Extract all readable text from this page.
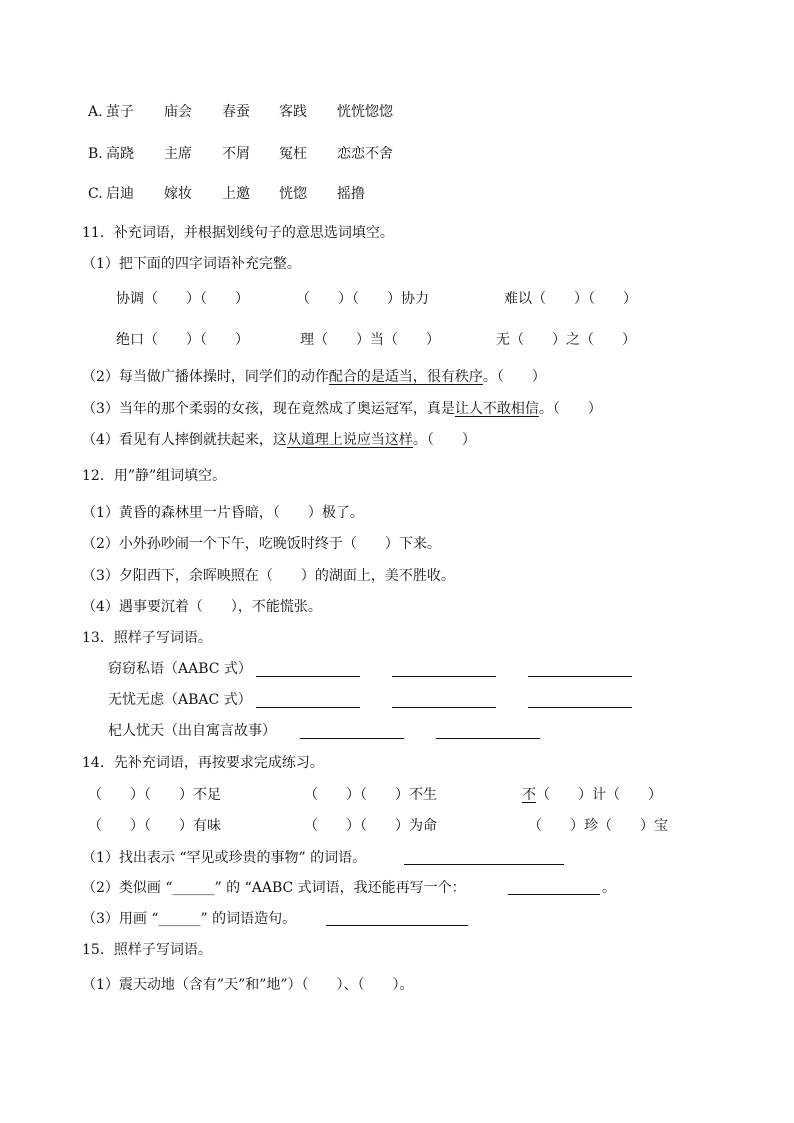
A. 茧子 庙会 春蚕 客践 恍恍惚惚
B. 高跷 主席 不屑 冤枉 恋恋不舍
C. 启迪 嫁妆 上邀 恍惚 摇撸
11．补充词语，并根据划线句子的意思选词填空。
（1）把下面的四字词语补充完整。
协调（　　）（　　）	（　　）（　　）协力	难以（　　）（　　）
绝口（　　）（　　）	理（　　）当（　　）	无（　　）之（　　）
（2）每当做广播体操时，同学们的动作配合的是适当，很有秩序。（　　）
（3）当年的那个柔弱的女孩，现在竟然成了奥运冠军，真是让人不敢相信。（　　）
（4）看见有人摔倒就扶起来，这从道理上说应当这样。（　　）
12．用”静”组词填空。
（1）黄昏的森林里一片昏暗，（　　）极了。
（2）小外孙吵闹一个下午，吃晚饭时终于（　　）下来。
（3）夕阳西下，余晖映照在（　　）的湖面上，美不胜收。
（4）遇事要沉着（　　），不能慌张。
13．照样子写词语。
窃窃私语（AABC 式）
无忧无虑（ABAC 式）
杞人忧天（出自寓言故事）
14．先补充词语，再按要求完成练习。
（　　）（　　）不足	（　　）（　　）不生	不（　　）计（　　）
（　　）（　　）有味	（　　）（　　）为命	（　　）珍（　　）宝
（1）找出表示 “罕见或珍贵的事物” 的词语。
（2）类似画 “______” 的 “AABC 式词语，我还能再写一个：	。
（3）用画 “______” 的词语造句。
15．照样子写词语。
（1）震天动地（含有”天”和”地”）（　　）、（　　）。
